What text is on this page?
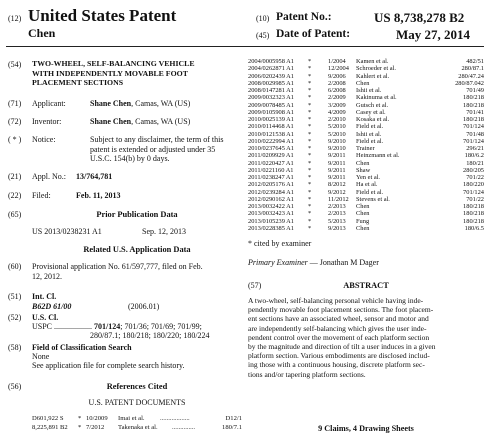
(12) United States Patent
Chen
(10) Patent No.:	US 8,738,278 B2
(45) Date of Patent:	May 27, 2014
(54) TWO-WHEEL, SELF-BALANCING VEHICLE
WITH INDEPENDENTLY MOVABLE FOOT
PLACEMENT SECTIONS
(71) Applicant:	Shane Chen, Camas, WA (US)
(72) Inventor:	Shane Chen, Camas, WA (US)
( * ) Notice:	Subject to any disclaimer, the term of this
patent is extended or adjusted under 35
U.S.C. 154(b) by 0 days.
(21) Appl. No.: 13/764,781
(22) Filed:	Feb. 11, 2013
(65)	Prior Publication Data
US 2013/0238231 A1	Sep. 12, 2013
Related U.S. Application Data
(60) Provisional application No. 61/597,777, filed on Feb.
12, 2012.
(51) Int. Cl.
B62D 61/00	(2006.01)
(52) U.S. Cl.
USPC ................... 701/124; 701/36; 701/69; 701/99;
280/87.1; 180/218; 180/220; 180/224
(58) Field of Classification Search
None
See application file for complete search history.
(56)	References Cited
U.S. PATENT DOCUMENTS
D601,922 S * 10/2009 Imai et al. ..................	D12/1
8,225,891 B2 * 7/2012 Takenaka et al. ..............	180/7.1
2004/0005958 A1 *	1/2004 Kamen et al.	482/51
2004/0262871 A1 *	12/2004 Schroeder et al.	280/87.1
2006/0202439 A1 *	9/2006 Kahlert et al.	280/47.24
2008/0029985 A1 *	2/2008 Chen	280/87.042
2008/0147281 A1 *	6/2008 Ishii et al.	701/49
2009/0032323 A1 *	2/2009 Kakinuma et al.	180/218
2009/0078485 A1 *	3/2009 Gutsch et al.	180/218
2009/0105908 A1 *	4/2009 Casey et al.	701/41
2010/0025139 A1 *	2/2010 Kosaka et al.	180/218
2010/0114468 A1 *	5/2010 Field et al.	701/124
2010/0121538 A1 *	5/2010 Ishii et al.	701/48
2010/0222994 A1 *	9/2010 Field et al.	701/124
2010/0237645 A1 *	9/2010 Trainer	296/21
2011/0209929 A1 *	9/2011 Heinzmann et al.	180/6.2
2011/0220427 A1 *	9/2011 Chen	180/21
2011/0221160 A1 *	9/2011 Shaw	280/205
2011/0238247 A1 *	9/2011 Yen et al.	701/22
2012/0205176 A1 *	8/2012 Ha et al.	180/220
2012/0239284 A1 *	9/2012 Field et al.	701/124
2012/0290162 A1 *	11/2012 Stevens et al.	701/22
2013/0032422 A1 *	2/2013 Chen	180/218
2013/0032423 A1 *	2/2013 Chen	180/218
2013/0105239 A1 *	5/2013 Fung	180/218
2013/0228385 A1 *	9/2013 Chen	180/6.5
* cited by examiner
Primary Examiner — Jonathan M Dager
(57)	ABSTRACT
A two-wheel, self-balancing personal vehicle having inde-
pendently movable foot placement sections. The foot placem-
ent sections have an associated wheel, sensor and motor and
are independently self-balancing which gives the user inde-
pendent control over the movement of each platform section
by the magnitude and direction of tilt a user induces in a given
platform section. Various embodiments are disclosed includ-
ing those with a continuous housing, discrete platform sec-
tions and/or tapering platform sections.
9 Claims, 4 Drawing Sheets
